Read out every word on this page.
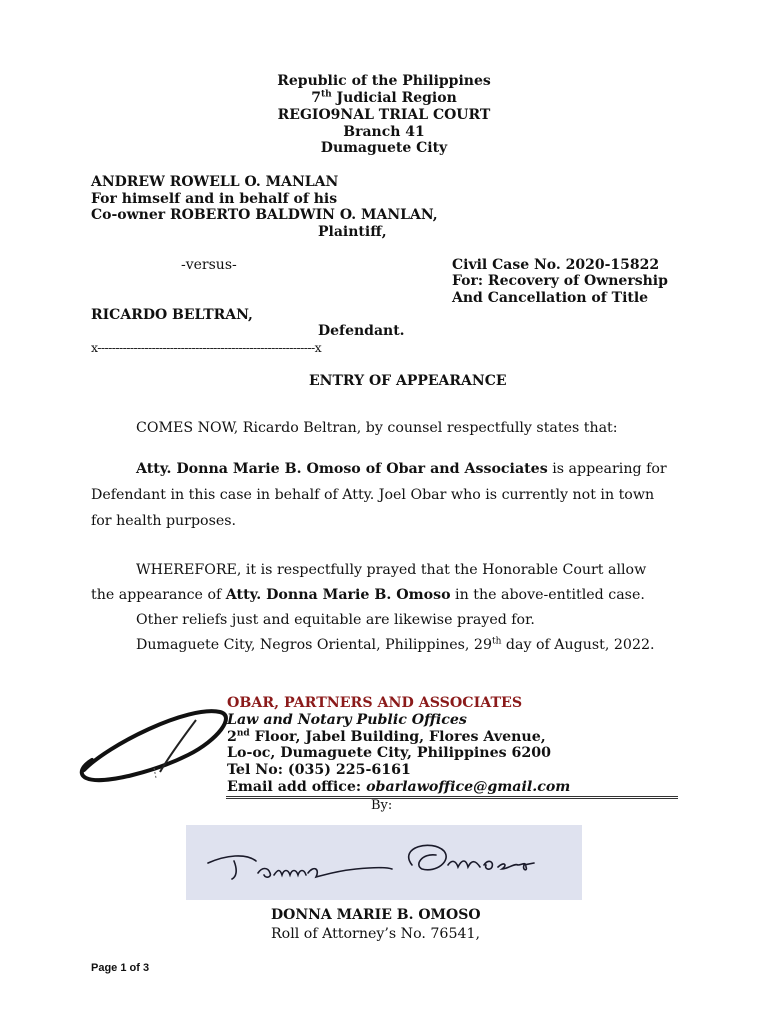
Republic of the Philippines
7th Judicial Region
REGIO9NAL TRIAL COURT
Branch 41
Dumaguete City
ANDREW ROWELL O. MANLAN
For himself and in behalf of his
Co-owner ROBERTO BALDWIN O. MANLAN,
Plaintiff,
-versus-	Civil Case No. 2020-15822
For: Recovery of Ownership
And Cancellation of Title
RICARDO BELTRAN,
Defendant.
x------------------------------------------------------------x
ENTRY OF APPEARANCE
COMES NOW, Ricardo Beltran, by counsel respectfully states that:
Atty. Donna Marie B. Omoso of Obar and Associates is appearing for
Defendant in this case in behalf of Atty. Joel Obar who is currently not in town
for health purposes.
WHEREFORE, it is respectfully prayed that the Honorable Court allow
the appearance of Atty. Donna Marie B. Omoso in the above-entitled case.
Other reliefs just and equitable are likewise prayed for.
Dumaguete City, Negros Oriental, Philippines, 29th day of August, 2022.
OBAR, PARTNERS AND ASSOCIATES
Law and Notary Public Offices
2nd Floor, Jabel Building, Flores Avenue,
Lo-oc, Dumaguete City, Philippines 6200
Tel No: (035) 225-6161
Email add office: obarlawoffice@gmail.com
By:
DONNA MARIE B. OMOSO
Roll of Attorney’s No. 76541,
Page 1 of 3
